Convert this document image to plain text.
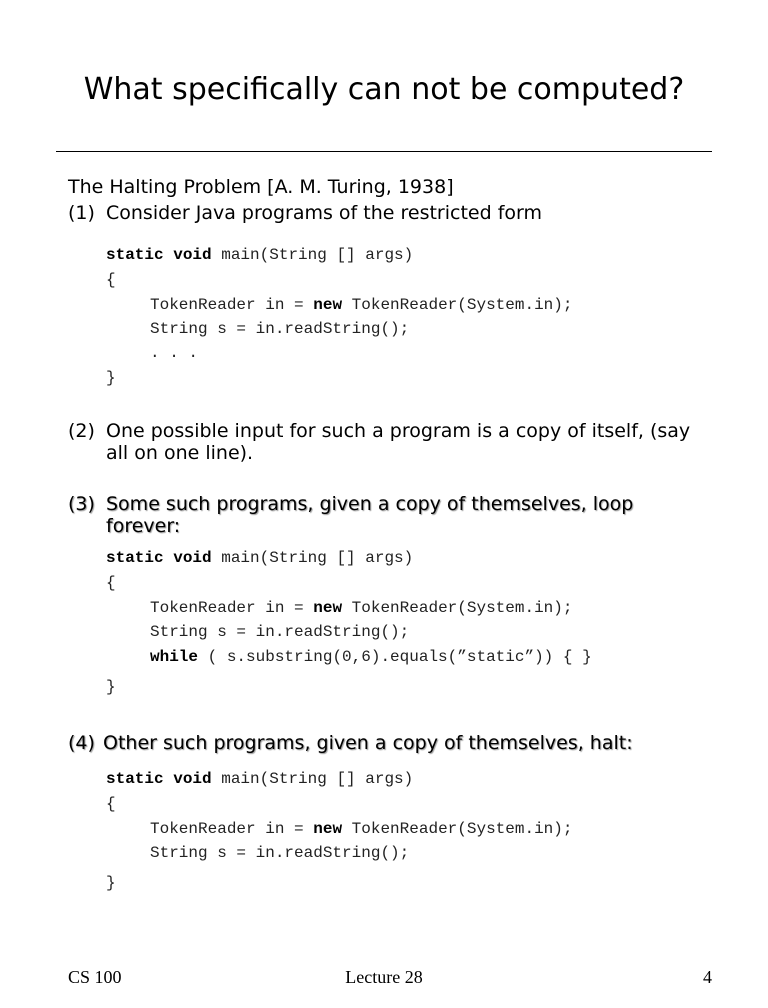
What specifically can not be computed?
The Halting Problem [A. M. Turing, 1938]
(1) Consider Java programs of the restricted form
static void main(String [] args)
{
TokenReader in = new TokenReader(System.in);
String s = in.readString();
. . .
}
(2) One possible input for such a program is a copy of itself, (say
all on one line).
(3) Some such programs, given a copy of themselves, loop
forever:
static void main(String [] args)
{
TokenReader in = new TokenReader(System.in);
String s = in.readString();
while ( s.substring(0,6).equals(”static”)) { }
}
(4) Other such programs, given a copy of themselves, halt:
static void main(String [] args)
{
TokenReader in = new TokenReader(System.in);
String s = in.readString();
}
CS 100	Lecture 28	4
